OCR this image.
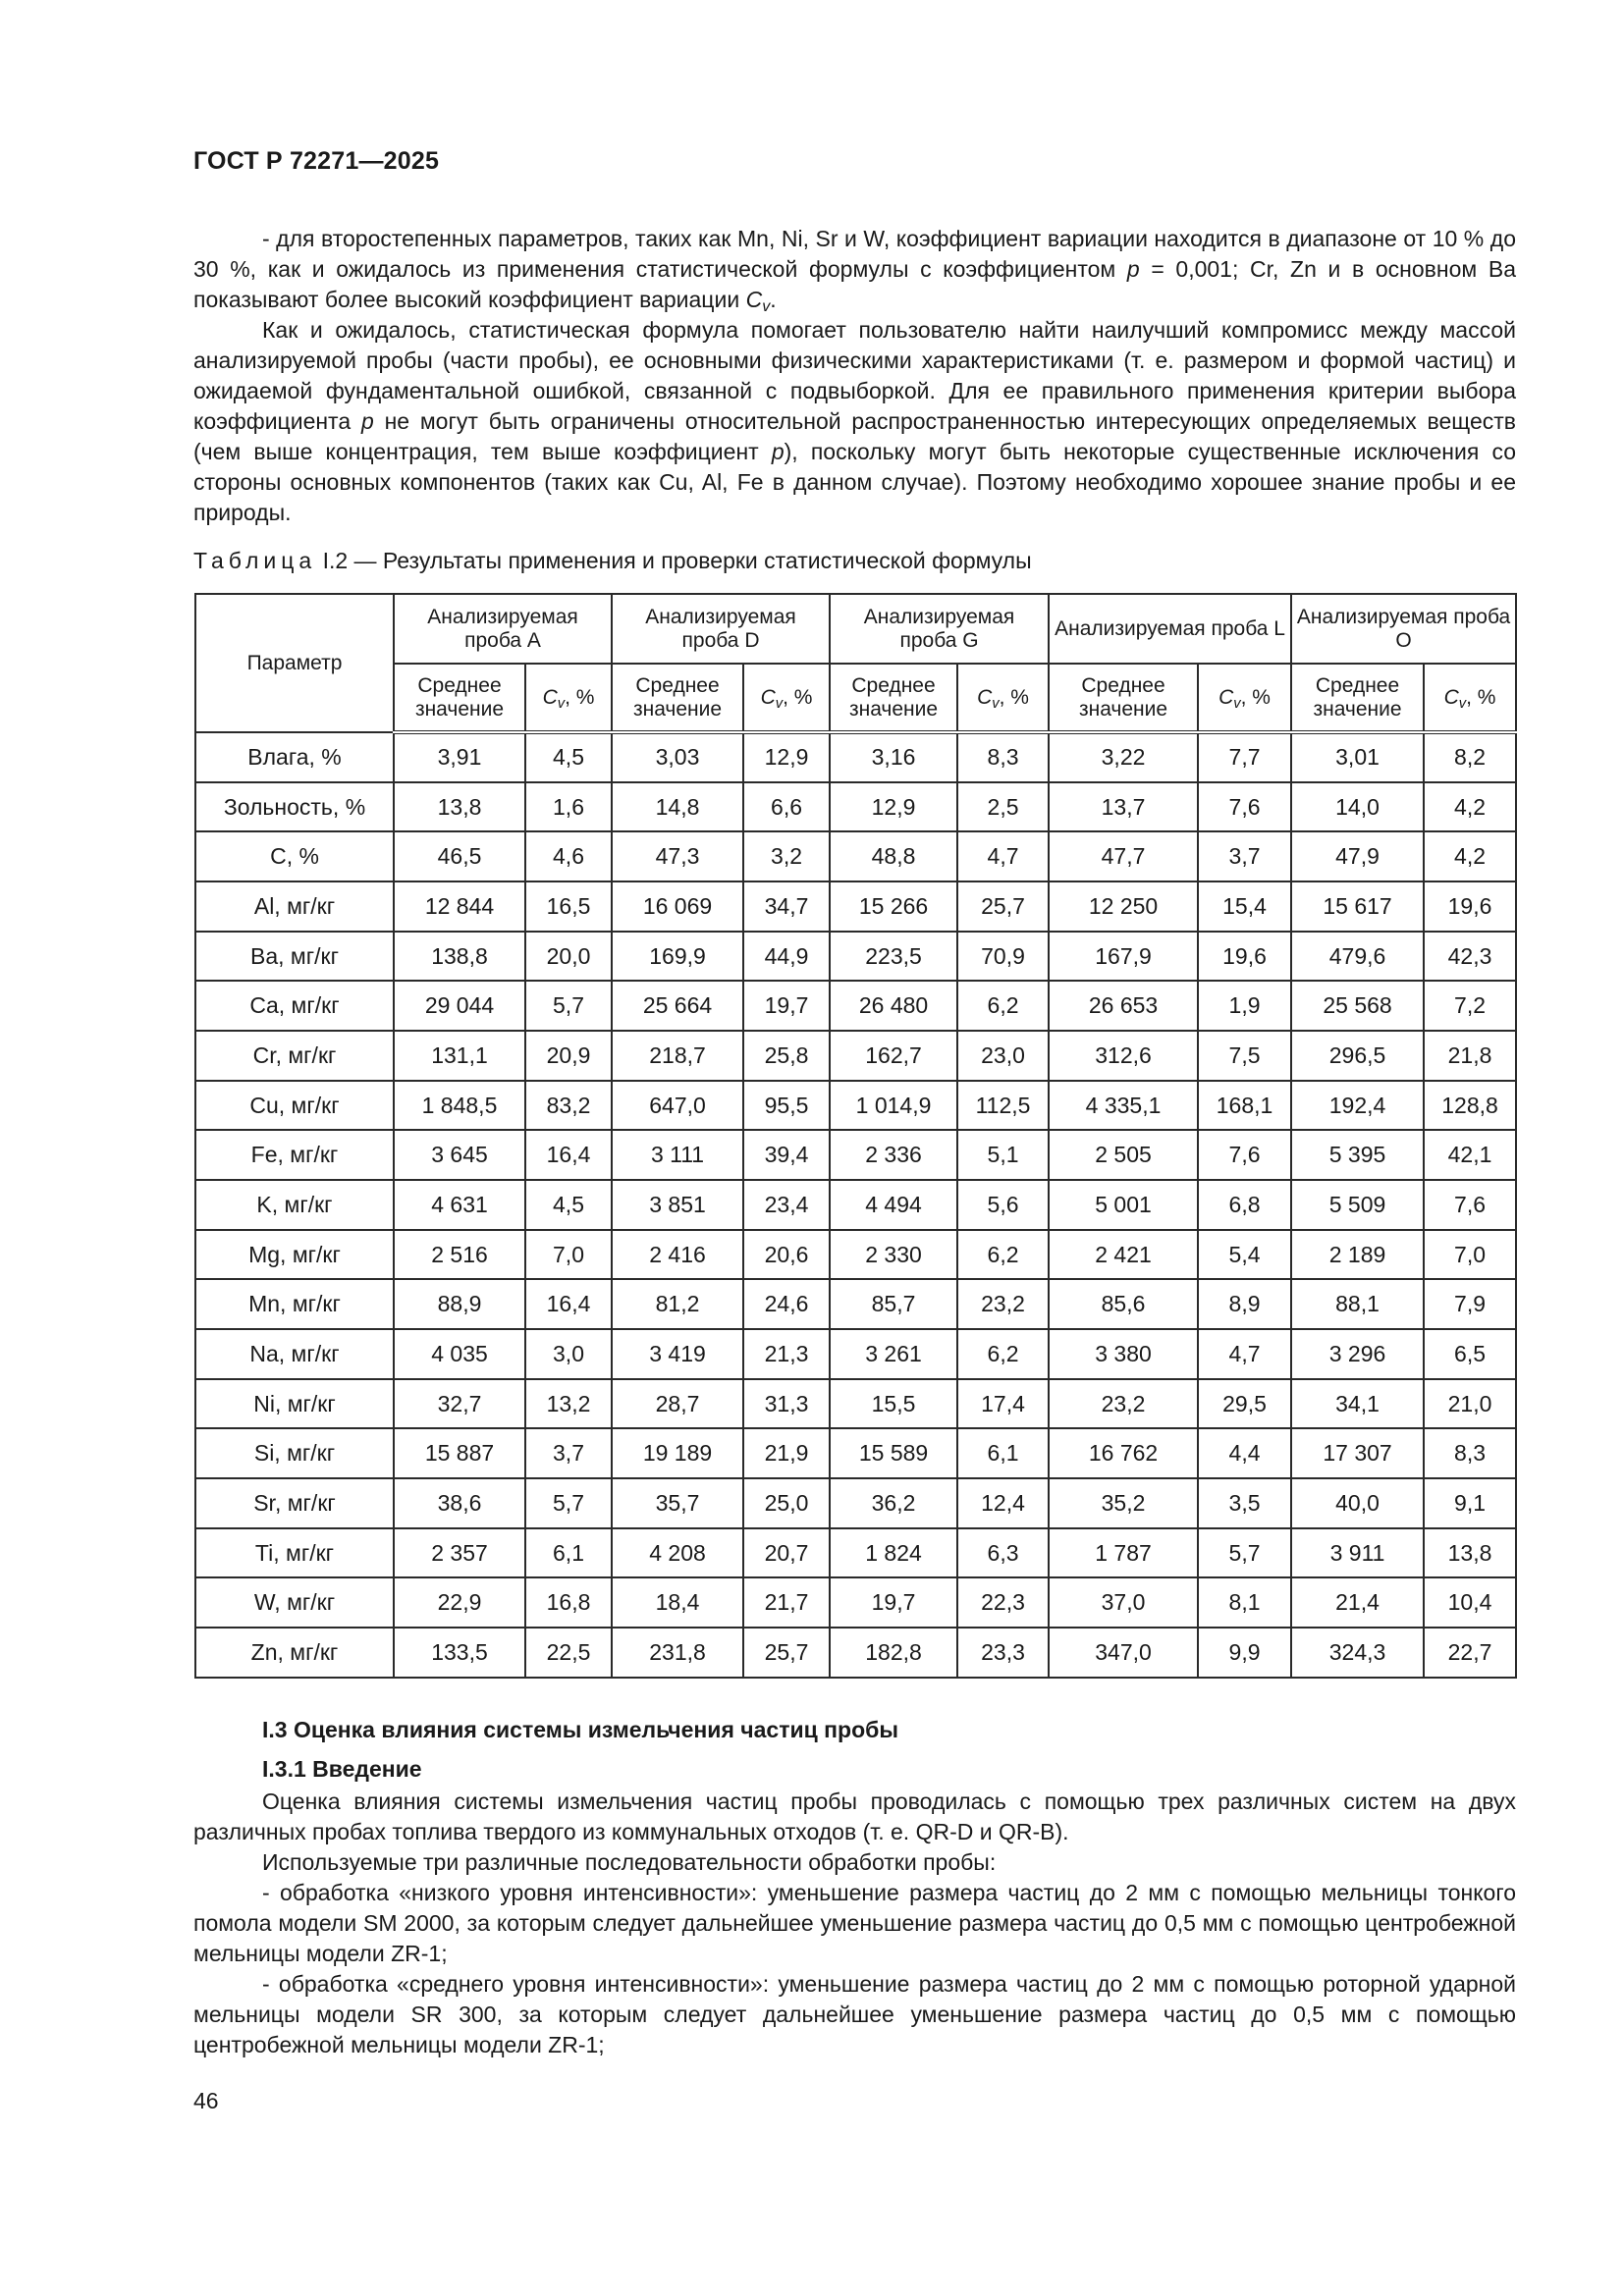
ГОСТ Р 72271—2025

- для второстепенных параметров, таких как Mn, Ni, Sr и W, коэффициент вариации находится в диапазоне от 10 % до 30 %, как и ожидалось из применения статистической формулы с коэффициентом p = 0,001; Cr, Zn и в основном Ba показывают более высокий коэффициент вариации $C_v$.

Как и ожидалось, статистическая формула помогает пользователю найти наилучший компромисс между массой анализируемой пробы (части пробы), ее основными физическими характеристиками (т. е. размером и формой частиц) и ожидаемой фундаментальной ошибкой, связанной с подвыборкой. Для ее правильного применения критерии выбора коэффициента p не могут быть ограничены относительной распространенностью интересующих определяемых веществ (чем выше концентрация, тем выше коэффициент p), поскольку могут быть некоторые существенные исключения со стороны основных компонентов (таких как Cu, Al, Fe в данном случае). Поэтому необходимо хорошее знание пробы и ее природы.

Таблица I.2 — Результаты применения и проверки статистической формулы
Параметр	Анализируемая проба А		Анализируемая проба D		Анализируемая проба G		Анализируемая проба L		Анализируемая проба O	
	Среднее значение	$C_v$, %	Среднее значение	$C_v$, %	Среднее значение	$C_v$, %	Среднее значение	$C_v$, %	Среднее значение	$C_v$, %
Влага, %	3,91	4,5	3,03	12,9	3,16	8,3	3,22	7,7	3,01	8,2
Зольность, %	13,8	1,6	14,8	6,6	12,9	2,5	13,7	7,6	14,0	4,2
С, %	46,5	4,6	47,3	3,2	48,8	4,7	47,7	3,7	47,9	4,2
Al, мг/кг	12 844	16,5	16 069	34,7	15 266	25,7	12 250	15,4	15 617	19,6
Ba, мг/кг	138,8	20,0	169,9	44,9	223,5	70,9	167,9	19,6	479,6	42,3
Ca, мг/кг	29 044	5,7	25 664	19,7	26 480	6,2	26 653	1,9	25 568	7,2
Cr, мг/кг	131,1	20,9	218,7	25,8	162,7	23,0	312,6	7,5	296,5	21,8
Cu, мг/кг	1 848,5	83,2	647,0	95,5	1 014,9	112,5	4 335,1	168,1	192,4	128,8
Fe, мг/кг	3 645	16,4	3 111	39,4	2 336	5,1	2 505	7,6	5 395	42,1
K, мг/кг	4 631	4,5	3 851	23,4	4 494	5,6	5 001	6,8	5 509	7,6
Mg, мг/кг	2 516	7,0	2 416	20,6	2 330	6,2	2 421	5,4	2 189	7,0
Mn, мг/кг	88,9	16,4	81,2	24,6	85,7	23,2	85,6	8,9	88,1	7,9
Na, мг/кг	4 035	3,0	3 419	21,3	3 261	6,2	3 380	4,7	3 296	6,5
Ni, мг/кг	32,7	13,2	28,7	31,3	15,5	17,4	23,2	29,5	34,1	21,0
Si, мг/кг	15 887	3,7	19 189	21,9	15 589	6,1	16 762	4,4	17 307	8,3
Sr, мг/кг	38,6	5,7	35,7	25,0	36,2	12,4	35,2	3,5	40,0	9,1
Ti, мг/кг	2 357	6,1	4 208	20,7	1 824	6,3	1 787	5,7	3 911	13,8
W, мг/кг	22,9	16,8	18,4	21,7	19,7	22,3	37,0	8,1	21,4	10,4
Zn, мг/кг	133,5	22,5	231,8	25,7	182,8	23,3	347,0	9,9	324,3	22,7
I.3 Оценка влияния системы измельчения частиц пробы
I.3.1 Введение

Оценка влияния системы измельчения частиц пробы проводилась с помощью трех различных систем на двух различных пробах топлива твердого из коммунальных отходов (т. е. QR-D и QR-B).

Используемые три различные последовательности обработки пробы:

- обработка «низкого уровня интенсивности»: уменьшение размера частиц до 2 мм с помощью мельницы тонкого помола модели SM 2000, за которым следует дальнейшее уменьшение размера частиц до 0,5 мм с помощью центробежной мельницы модели ZR-1;

- обработка «среднего уровня интенсивности»: уменьшение размера частиц до 2 мм с помощью роторной ударной мельницы модели SR 300, за которым следует дальнейшее уменьшение размера частиц до 0,5 мм с помощью центробежной мельницы модели ZR-1;

46
